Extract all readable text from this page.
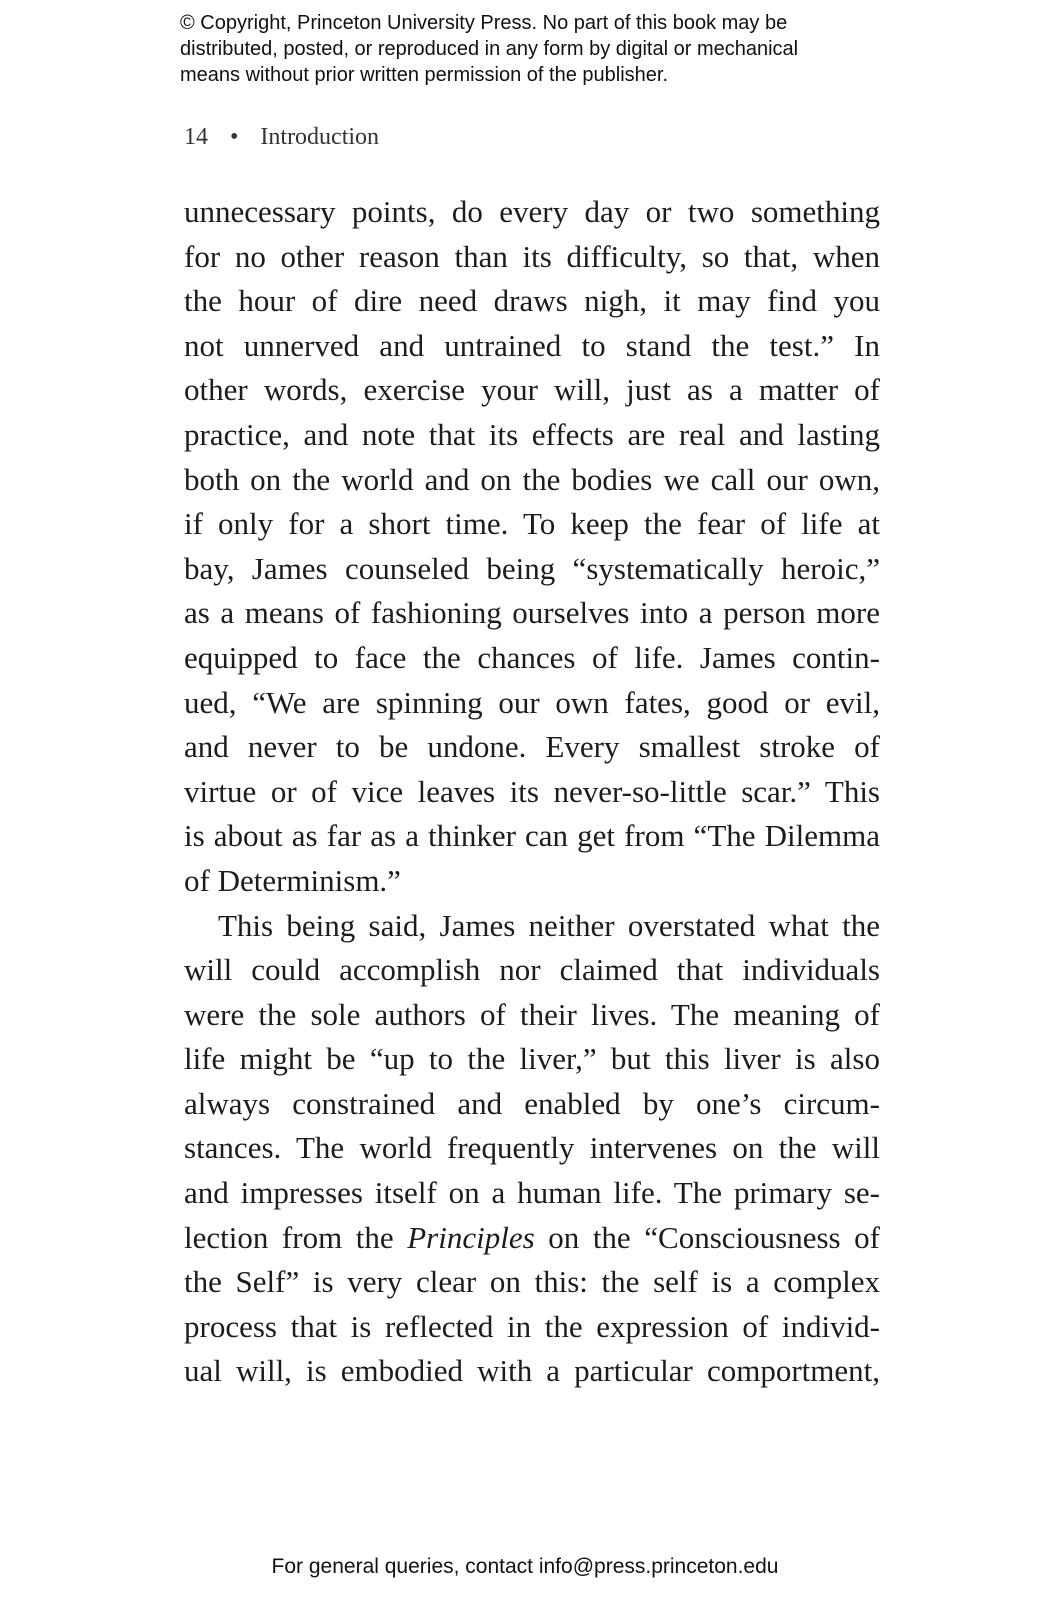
© Copyright, Princeton University Press. No part of this book may be
distributed, posted, or reproduced in any form by digital or mechanical
means without prior written permission of the publisher.
14 • Introduction
unnecessary points, do every day or two something
for no other reason than its difficulty, so that, when
the hour of dire need draws nigh, it may find you
not unnerved and untrained to stand the test.” In
other words, exercise your will, just as a matter of
practice, and note that its effects are real and lasting
both on the world and on the bodies we call our own,
if only for a short time. To keep the fear of life at
bay, James counseled being “systematically heroic,”
as a means of fashioning ourselves into a person more
equipped to face the chances of life. James contin-
ued, “We are spinning our own fates, good or evil,
and never to be undone. Every smallest stroke of
virtue or of vice leaves its never-so-little scar.” This
is about as far as a thinker can get from “The Dilemma
of Determinism.”
This being said, James neither overstated what the
will could accomplish nor claimed that individuals
were the sole authors of their lives. The meaning of
life might be “up to the liver,” but this liver is also
always constrained and enabled by one’s circum-
stances. The world frequently intervenes on the will
and impresses itself on a human life. The primary se-
lection from the Principles on the “Consciousness of
the Self” is very clear on this: the self is a complex
process that is reflected in the expression of individ-
ual will, is embodied with a particular comportment,
For general queries, contact info@press.princeton.edu
